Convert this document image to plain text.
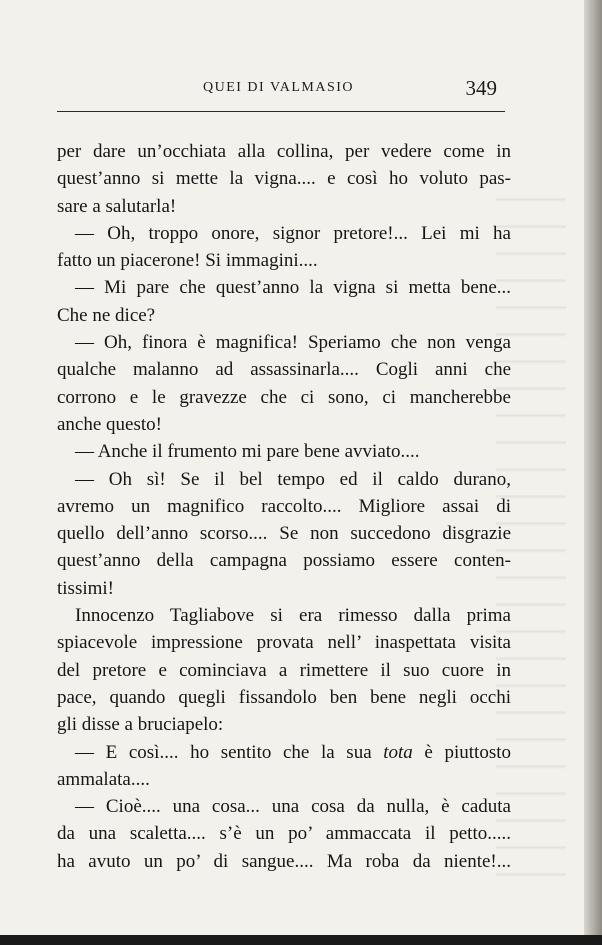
QUEI DI VALMASIO	349
per dare un’occhiata alla collina, per vedere come in
quest’anno si mette la vigna.... e così ho voluto pas-
sare a salutarla!
— Oh, troppo onore, signor pretore!... Lei mi ha
fatto un piacerone! Si immagini....
— Mi pare che quest’anno la vigna si metta bene...
Che ne dice?
— Oh, finora è magnifica! Speriamo che non venga
qualche malanno ad assassinarla.... Cogli anni che
corrono e le gravezze che ci sono, ci mancherebbe
anche questo!
— Anche il frumento mi pare bene avviato....
— Oh sì! Se il bel tempo ed il caldo durano,
avremo un magnifico raccolto.... Migliore assai di
quello dell’anno scorso.... Se non succedono disgrazie
quest’anno della campagna possiamo essere conten-
tissimi!
Innocenzo Tagliabove si era rimesso dalla prima
spiacevole impressione provata nell’ inaspettata visita
del pretore e cominciava a rimettere il suo cuore in
pace, quando quegli fissandolo ben bene negli occhi
gli disse a bruciapelo:
— E così.... ho sentito che la sua tota è piuttosto
ammalata....
— Cioè.... una cosa... una cosa da nulla, è caduta
da una scaletta.... s’è un po’ ammaccata il petto.....
ha avuto un po’ di sangue.... Ma roba da niente!...
